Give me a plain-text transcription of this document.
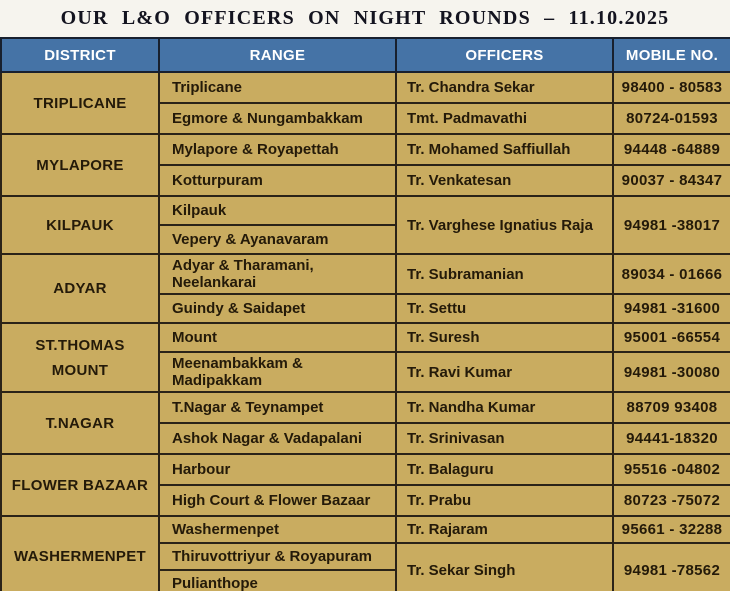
OUR L&O OFFICERS ON NIGHT ROUNDS – 11.10.2025
DISTRICT	RANGE	OFFICERS	MOBILE NO.
TRIPLICANE	Triplicane	Tr. Chandra Sekar	98400 - 80583
	Egmore & Nungambakkam	Tmt. Padmavathi	80724-01593
MYLAPORE	Mylapore & Royapettah	Tr. Mohamed Saffiullah	94448 -64889
	Kotturpuram	Tr. Venkatesan	90037 - 84347
KILPAUK	Kilpauk	Tr. Varghese Ignatius Raja	94981 -38017
	Vepery & Ayanavaram		
ADYAR	Adyar & Tharamani, Neelankarai	Tr. Subramanian	89034 - 01666
	Guindy & Saidapet	Tr. Settu	94981 -31600
ST.THOMAS MOUNT	Mount	Tr. Suresh	95001 -66554
	Meenambakkam & Madipakkam	Tr. Ravi Kumar	94981 -30080
T.NAGAR	T.Nagar & Teynampet	Tr. Nandha Kumar	88709 93408
	Ashok Nagar & Vadapalani	Tr. Srinivasan	94441-18320
FLOWER BAZAAR	Harbour	Tr. Balaguru	95516 -04802
	High Court & Flower Bazaar	Tr. Prabu	80723 -75072
WASHERMENPET	Washermenpet	Tr. Rajaram	95661 - 32288
	Thiruvottriyur & Royapuram	Tr. Sekar Singh	94981 -78562
	Pulianthope		
